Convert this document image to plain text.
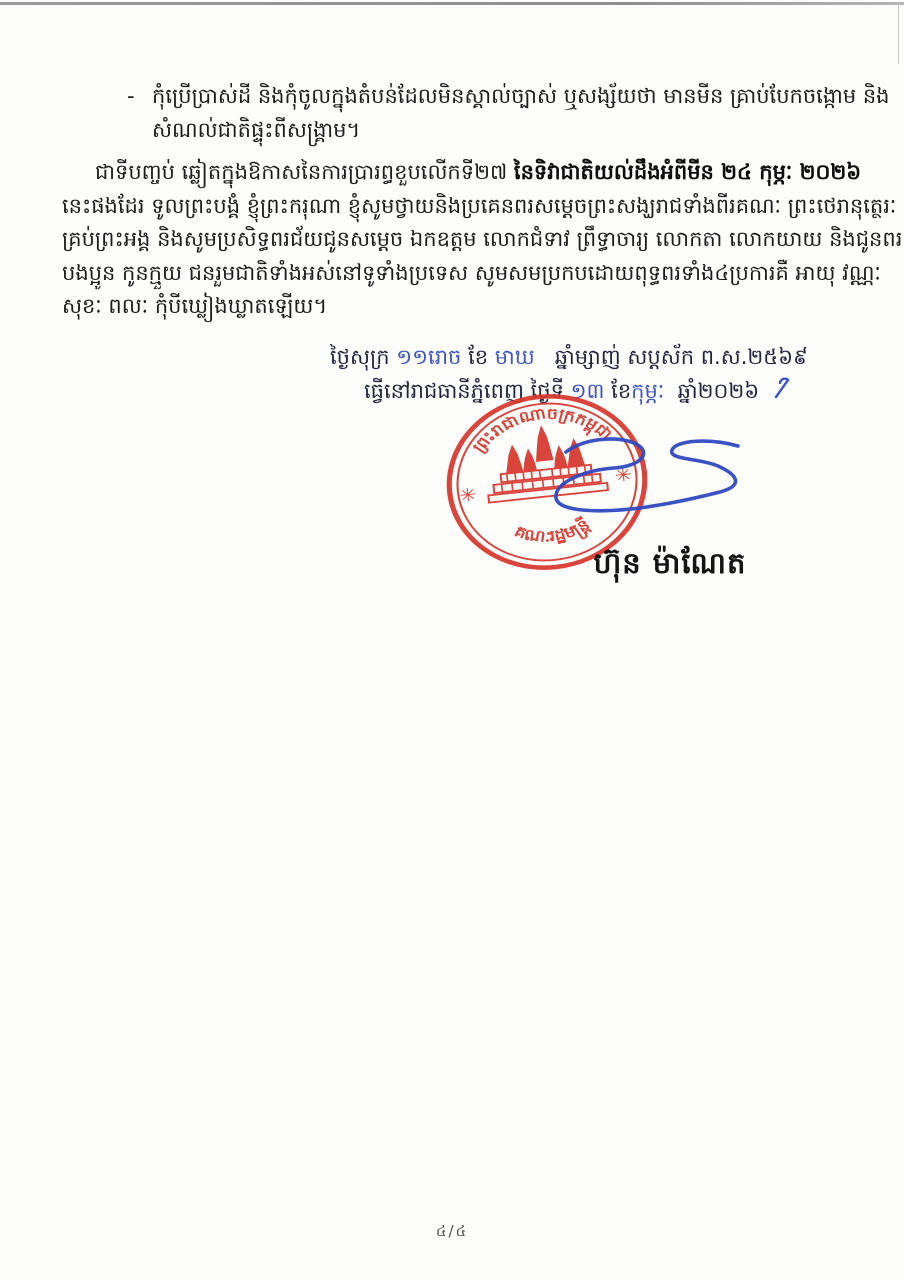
- កុំប្រើប្រាស់ដី និងកុំចូលក្នុងតំបន់ដែលមិនស្គាល់ច្បាស់ ឬសង្ស័យថា មានមីន គ្រាប់បែកចង្កោម និង
សំណល់ជាតិផ្ទុះពីសង្គ្រាម។
ជាទីបញ្ចប់ ឆ្លៀតក្នុងឱកាសនៃការប្រារព្ធខួបលើកទី២៧ នៃទិវាជាតិយល់ដឹងអំពីមីន ២៤ កុម្ភៈ ២០២៦
នេះផងដែរ ទូលព្រះបង្គំ ខ្ញុំព្រះករុណា ខ្ញុំសូមថ្វាយនិងប្រគេនពរសម្តេចព្រះសង្ឃរាជទាំងពីរគណៈ ព្រះថេរានុត្ថេរៈ
គ្រប់ព្រះអង្គ និងសូមប្រសិទ្ធពរជ័យជូនសម្តេច ឯកឧត្តម លោកជំទាវ ព្រឹទ្ធាចារ្យ លោកតា លោកយាយ និងជូនពរ
បងប្អូន កូនក្មួយ ជនរួមជាតិទាំងអស់នៅទូទាំងប្រទេស សូមសមប្រកបដោយពុទ្ធពរទាំង៤ប្រការគឺ អាយុ វណ្ណៈ
សុខៈ ពលៈ កុំបីឃ្លៀងឃ្លាតឡើយ។
ថ្ងៃសុក្រ ១១រោច ខែ មាឃ   ឆ្នាំម្សាញ់ សប្តស័ក ព.ស.២៥៦៩
ធ្វើនៅរាជធានីភ្នំពេញ ថ្ងៃទី ១៣ ខែកុម្ភៈ  ឆ្នាំ២០២៦
✳
✳
ព្រះរាជាណាចក្រកម្ពុជា
គណៈរដ្ឋមន្ត្រី
ហ៊ុន ម៉ាណែត
៤/៤
